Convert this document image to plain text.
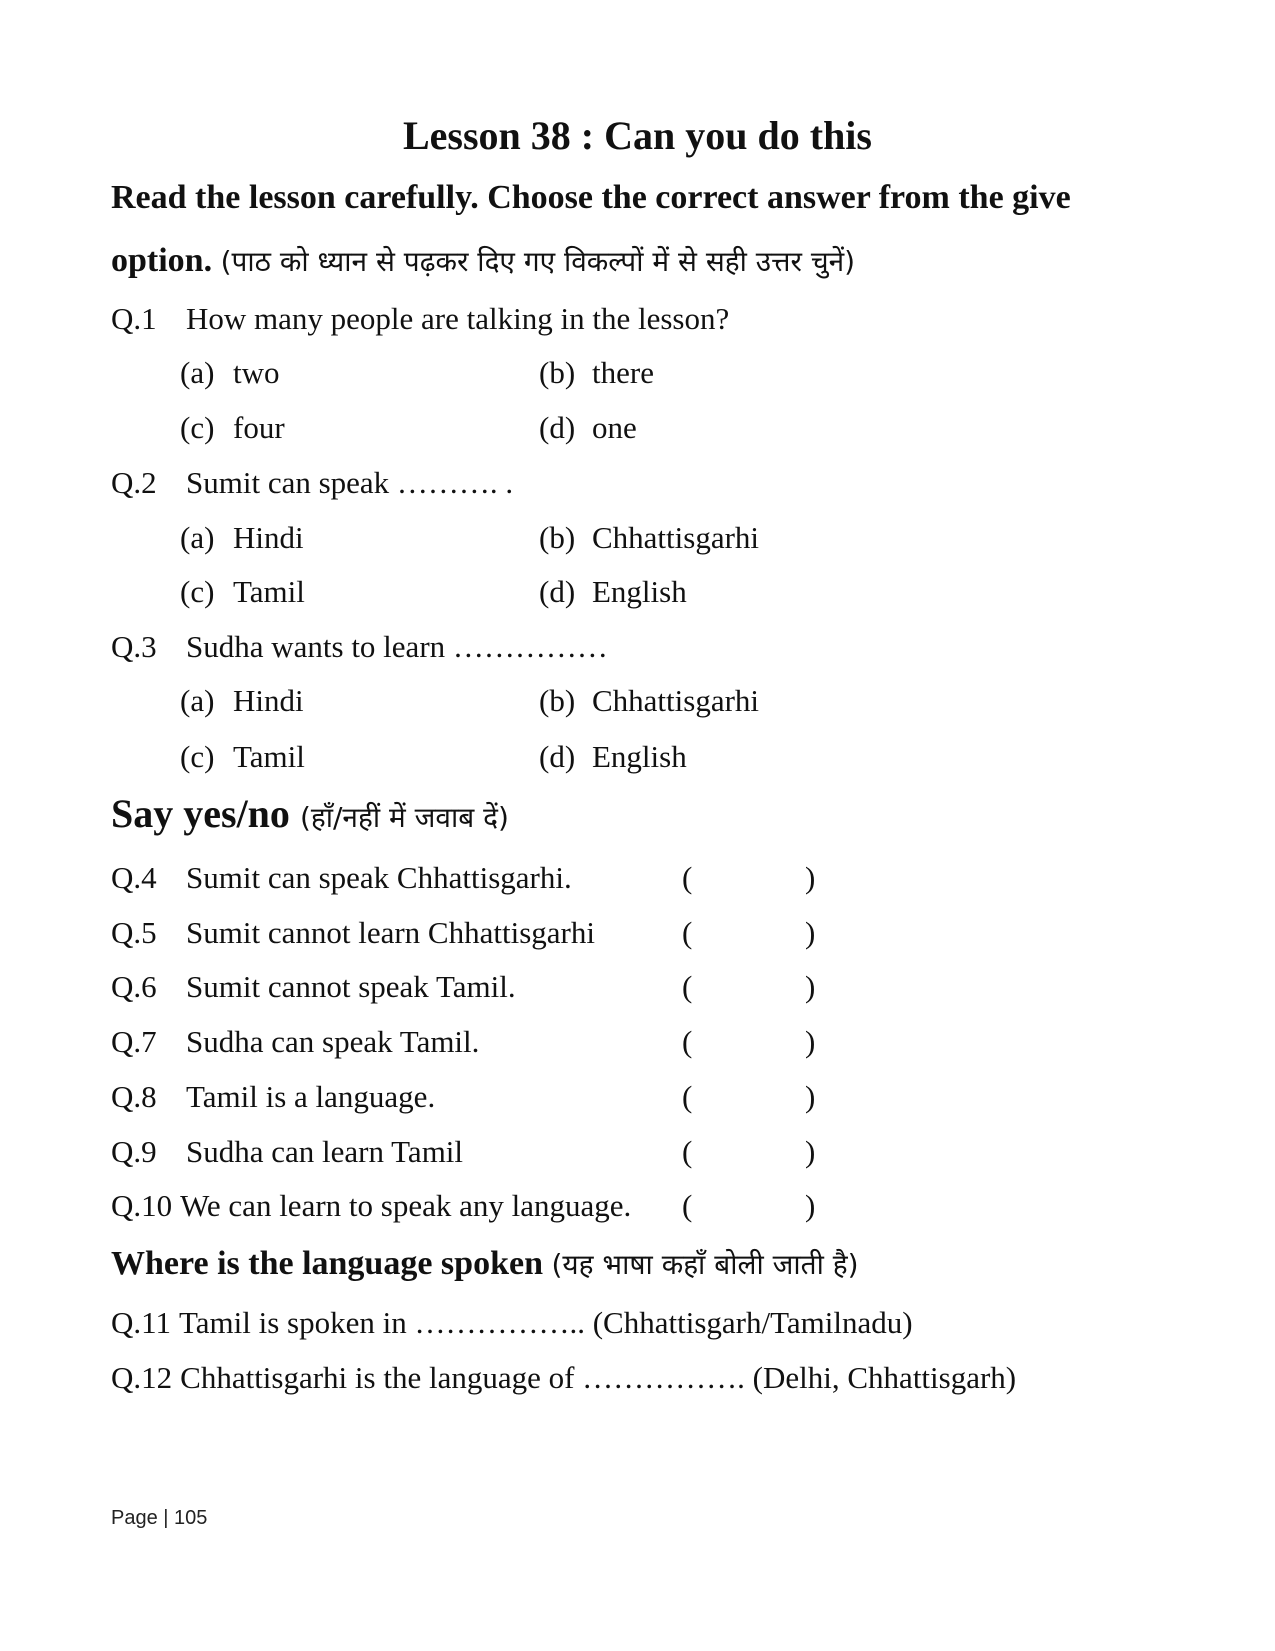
Lesson 38 : Can you do this
Read the lesson carefully. Choose the correct answer from the give
option. (पाठ को ध्यान से पढ़कर दिए गए विकल्पों में से सही उत्तर चुनें)
Q.1 How many people are talking in the lesson?
(a) two	(b) there
(c) four	(d) one
Q.2 Sumit can speak ………. .
(a) Hindi	(b) Chhattisgarhi
(c) Tamil	(d) English
Q.3 Sudha wants to learn ……………
(a) Hindi	(b) Chhattisgarhi
(c) Tamil	(d) English
Say yes/no (हाँ/नहीं में जवाब दें)
Q.4 Sumit can speak Chhattisgarhi.	(	)
Q.5 Sumit cannot learn Chhattisgarhi	(	)
Q.6 Sumit cannot speak Tamil.	(	)
Q.7 Sudha can speak Tamil.	(	)
Q.8 Tamil is a language.	(	)
Q.9 Sudha can learn Tamil	(	)
Q.10 We can learn to speak any language. (	)
Where is the language spoken (यह भाषा कहाँ बोली जाती है)
Q.11 Tamil is spoken in …………….. (Chhattisgarh/Tamilnadu)
Q.12 Chhattisgarhi is the language of ……………. (Delhi, Chhattisgarh)
Page | 105
